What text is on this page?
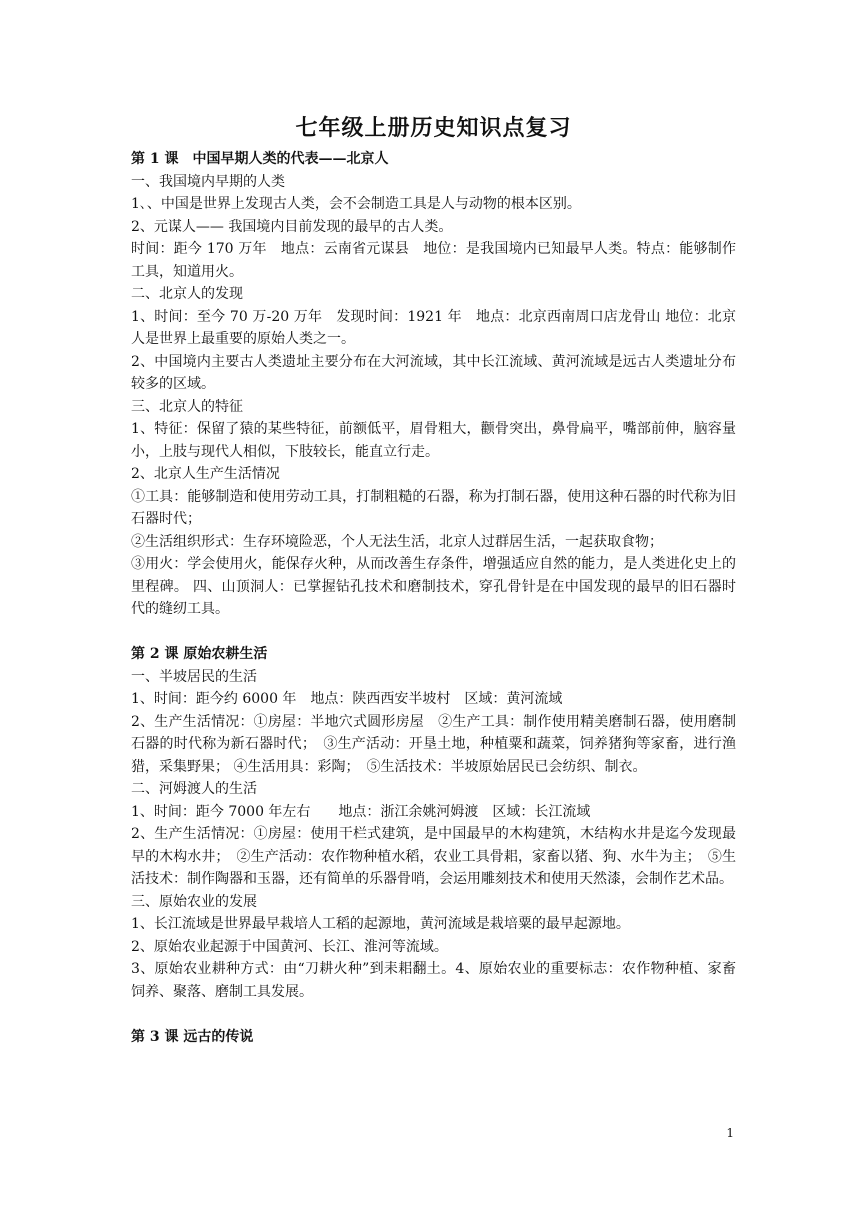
七年级上册历史知识点复习

第 1 课　中国早期人类的代表——北京人

一、我国境内早期的人类

1､、中国是世界上发现古人类，会不会制造工具是人与动物的根本区别。

2、元谋人—— 我国境内目前发现的最早的古人类。

时间：距今 170 万年　地点：云南省元谋县　地位：是我国境内已知最早人类。特点：能够制作工具，知道用火。

二、北京人的发现

1、时间：至今 70 万-20 万年　发现时间：1921 年　地点：北京西南周口店龙骨山 地位：北京人是世界上最重要的原始人类之一。

2、中国境内主要古人类遗址主要分布在大河流域，其中长江流域、黄河流域是远古人类遗址分布较多的区域。

三、北京人的特征

1、特征：保留了猿的某些特征，前额低平，眉骨粗大，颧骨突出，鼻骨扁平，嘴部前伸，脑容量小，上肢与现代人相似，下肢较长，能直立行走。

2、北京人生产生活情况

①工具：能够制造和使用劳动工具，打制粗糙的石器，称为打制石器，使用这种石器的时代称为旧石器时代；

②生活组织形式：生存环境险恶，个人无法生活，北京人过群居生活，一起获取食物；

③用火：学会使用火，能保存火种，从而改善生存条件，增强适应自然的能力，是人类进化史上的里程碑。 四、山顶洞人：已掌握钻孔技术和磨制技术，穿孔骨针是在中国发现的最早的旧石器时代的缝纫工具。

第 2 课 原始农耕生活

一、半坡居民的生活

1、时间：距今约 6000 年　地点：陕西西安半坡村　区域：黄河流域

2、生产生活情况：①房屋：半地穴式圆形房屋　②生产工具：制作使用精美磨制石器，使用磨制石器的时代称为新石器时代；　③生产活动：开垦土地，种植粟和蔬菜，饲养猪狗等家畜，进行渔猎，采集野果； ④生活用具：彩陶；　⑤生活技术：半坡原始居民已会纺织、制衣。

二、河姆渡人的生活

1、时间：距今 7000 年左右　　地点：浙江余姚河姆渡　区域：长江流域

2、生产生活情况：①房屋：使用干栏式建筑，是中国最早的木构建筑，木结构水井是迄今发现最早的木构水井；　②生产活动：农作物种植水稻，农业工具骨耜，家畜以猪、狗、水牛为主；　⑤生活技术：制作陶器和玉器，还有简单的乐器骨哨，会运用雕刻技术和使用天然漆，会制作艺术品。

三、原始农业的发展

1、长江流域是世界最早栽培人工稻的起源地，黄河流域是栽培粟的最早起源地。

2、原始农业起源于中国黄河、长江、淮河等流域。

3、原始农业耕种方式：由“刀耕火种”到耒耜翻土。4、原始农业的重要标志：农作物种植、家畜饲养、聚落、磨制工具发展。

第 3 课 远古的传说

1
